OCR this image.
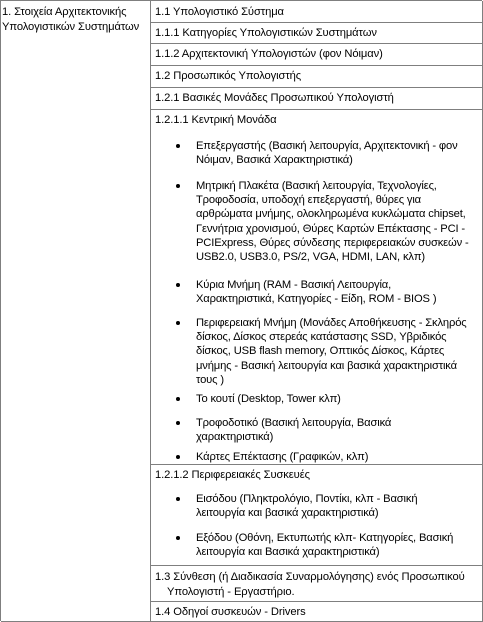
1. Στοιχεία Αρχιτεκτονικής
Υπολογιστικών Συστημάτων
1.1 Υπολογιστικό Σύστημα
1.1.1 Κατηγορίες Υπολογιστικών Συστημάτων
1.1.2 Αρχιτεκτονική Υπολογιστών (φον Νόιμαν)
1.2 Προσωπικός Υπολογιστής
1.2.1 Βασικές Μονάδες Προσωπικού Υπολογιστή
1.2.1.1 Κεντρική Μονάδα
Επεξεργαστής (Βασική λειτουργία, Αρχιτεκτονική - φον
Νόιμαν, Βασικά Χαρακτηριστικά)
Μητρική Πλακέτα (Βασική λειτουργία, Τεχνολογίες,
Τροφοδοσία, υποδοχή επεξεργαστή, θύρες για
αρθρώματα μνήμης, ολοκληρωμένα κυκλώματα chipset,
Γεννήτρια χρονισμού, Θύρες Καρτών Επέκτασης - PCI -
PCIExpress, Θύρες σύνδεσης περιφερειακών συσκεών -
USB2.0, USB3.0, PS/2, VGA, HDMI, LAN, κλπ)
Κύρια Μνήμη (RAM - Βασική Λειτουργία,
Χαρακτηριστικά, Κατηγορίες - Είδη, ROM - BIOS )
Περιφερειακή Μνήμη (Μονάδες Αποθήκευσης - Σκληρός
δίσκος, Δίσκος στερεάς κατάστασης SSD, Υβριδικός
δίσκος, USB flash memory, Οπτικός Δίσκος, Κάρτες
μνήμης - Βασική λειτουργία και βασικά χαρακτηριστικά
τους )
Το κουτί (Desktop, Tower κλπ)
Τροφοδοτικό (Βασική λειτουργία, Βασικά
χαρακτηριστικά)
Κάρτες Επέκτασης (Γραφικών, κλπ)
1.2.1.2 Περιφερειακές Συσκευές
Εισόδου (Πληκτρολόγιο, Ποντίκι, κλπ - Βασική
λειτουργία και βασικά χαρακτηριστικά)
Εξόδου (Οθόνη, Εκτυπωτής κλπ- Κατηγορίες, Βασική
λειτουργία και Βασικά χαρακτηριστικά)
1.3 Σύνθεση (ή Διαδικασία Συναρμολόγησης) ενός Προσωπικού Υπολογιστή - Εργαστήριο.
1.4 Οδηγοί συσκευών - Drivers
